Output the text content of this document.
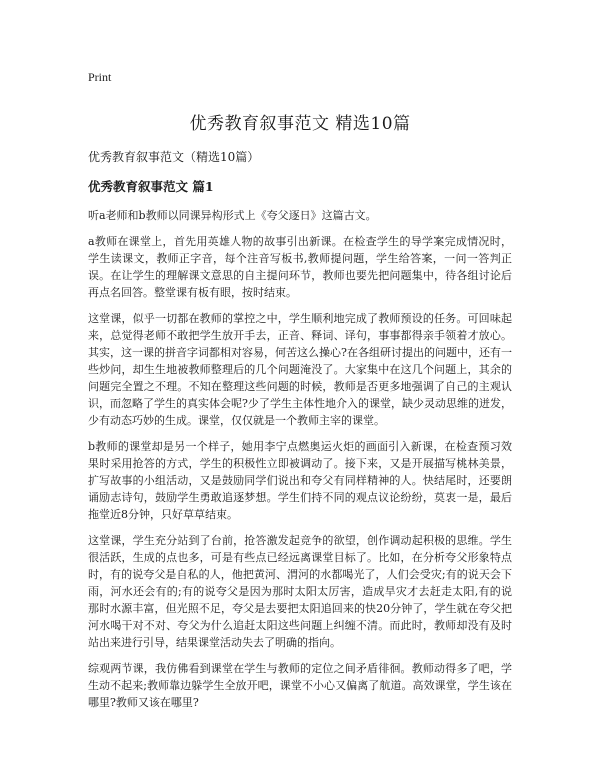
Print
优秀教育叙事范文 精选10篇

优秀教育叙事范文（精选10篇）

优秀教育叙事范文 篇1

听a老师和b教师以同课异构形式上《夸父逐日》这篇古文。

a教师在课堂上，首先用英雄人物的故事引出新课。在检查学生的导学案完成情况时，学生读课文，教师正字音，每个注音写板书,教师提问题，学生给答案，一问一答判正误。在让学生的理解课文意思的自主提问环节，教师也要先把问题集中，待各组讨论后再点名回答。整堂课有板有眼，按时结束。

这堂课，似乎一切都在教师的掌控之中，学生顺利地完成了教师预设的任务。可回味起来，总觉得老师不敢把学生放开手去，正音、释词、译句，事事都得亲手领着才放心。其实，这一课的拼音字词都相对容易，何苦这么操心?在各组研讨提出的问题中，还有一些炒问，却生生地被教师整理后的几个问题淹没了。大家集中在这几个问题上，其余的问题完全置之不理。不知在整理这些问题的时候，教师是否更多地强调了自己的主观认识，而忽略了学生的真实体会呢?少了学生主体性地介入的课堂，缺少灵动思维的迸发，少有动态巧妙的生成。课堂，仅仅就是一个教师主宰的课堂。

b教师的课堂却是另一个样子，她用李宁点燃奥运火炬的画面引入新课，在检查预习效果时采用抢答的方式，学生的积极性立即被调动了。接下来，又是开展描写桃林美景，扩写故事的小组活动，又是鼓励同学们说出和夸父有同样精神的人。快结尾时，还要朗诵励志诗句，鼓励学生勇敢追逐梦想。学生们持不同的观点议论纷纷，莫衷一是，最后拖堂近8分钟，只好草草结束。

这堂课，学生充分站到了台前，抢答激发起竞争的欲望，创作调动起积极的思维。学生很活跃，生成的点也多，可是有些点已经远离课堂目标了。比如，在分析夸父形象特点时，有的说夸父是自私的人，他把黄河、渭河的水都喝光了，人们会受灾;有的说天会下雨，河水还会有的;有的说夸父是因为那时太阳太厉害，造成旱灾才去赶走太阳,有的说那时水源丰富，但光照不足，夸父是去要把太阳追回来的快20分钟了，学生就在夸父把河水喝干对不对、夸父为什么追赶太阳这些问题上纠缠不清。而此时，教师却没有及时站出来进行引导，结果课堂活动失去了明确的指向。

综观两节课，我仿佛看到课堂在学生与教师的定位之间矛盾徘徊。教师动得多了吧，学生动不起来;教师靠边躲学生全放开吧，课堂不小心又偏离了航道。高效课堂，学生该在哪里?教师又该在哪里?
